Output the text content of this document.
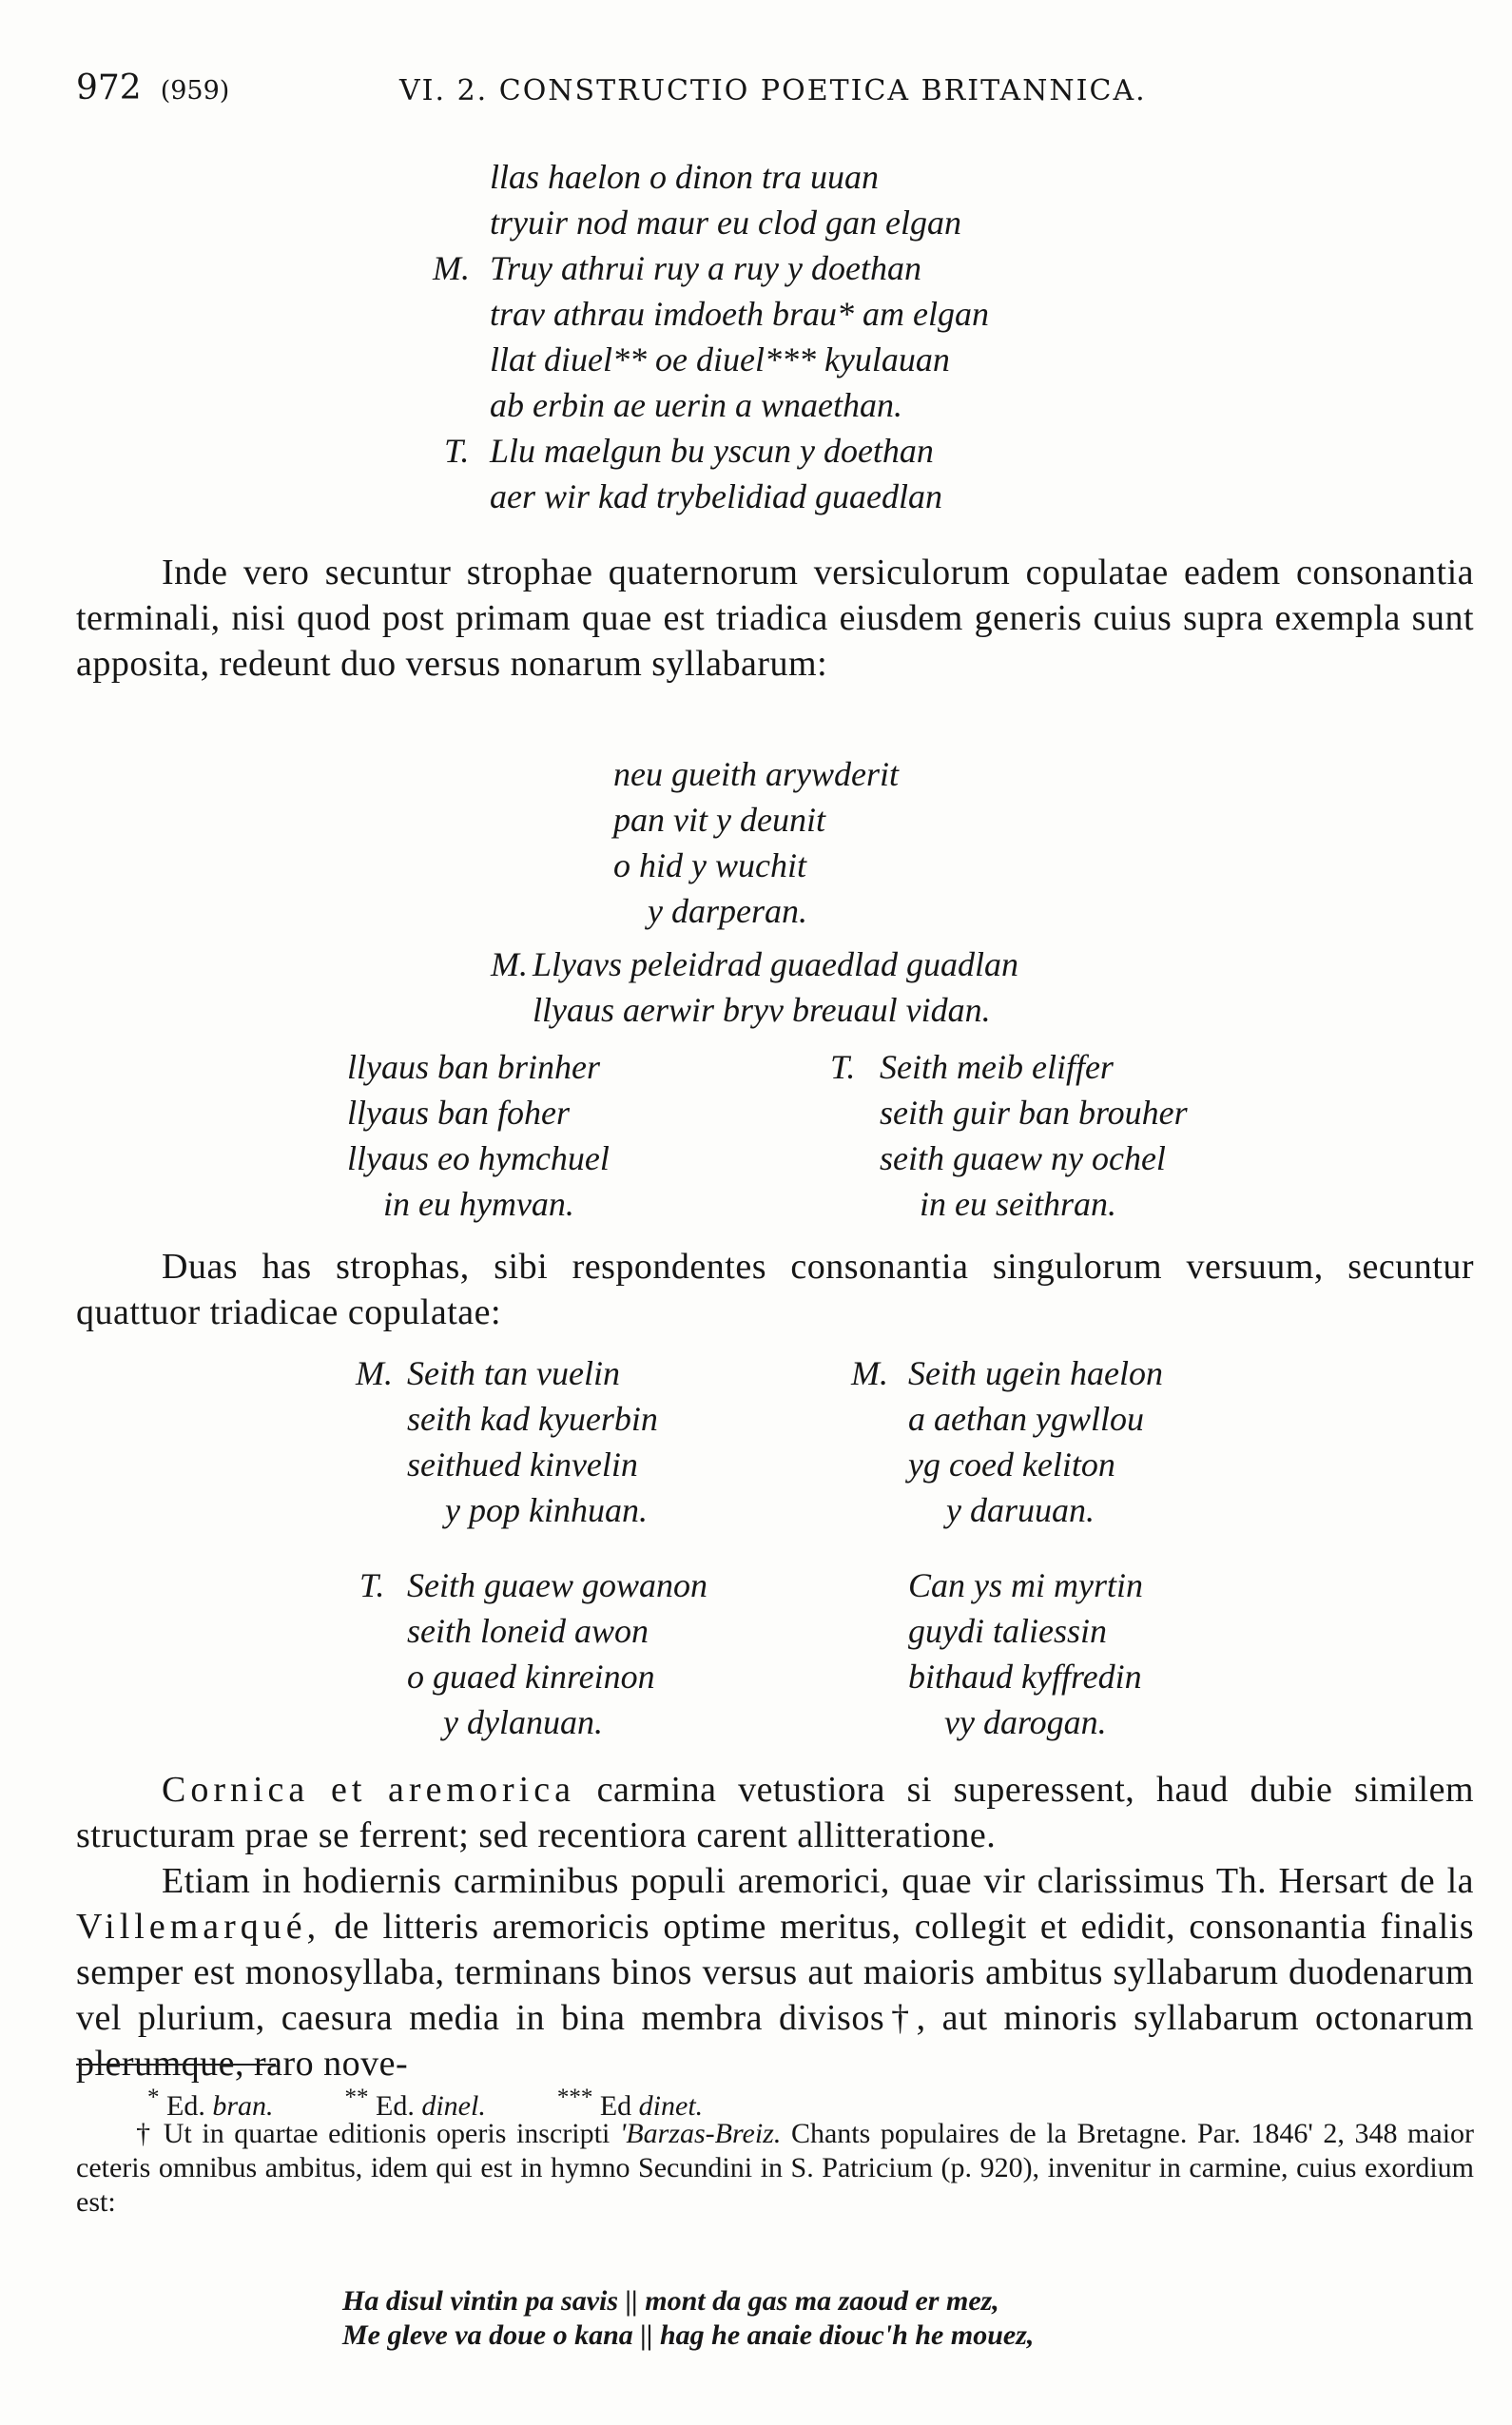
972 (959)	VI. 2. CONSTRUCTIO POETICA BRITANNICA.
llas haelon o dinon tra uuan
tryuir nod maur eu clod gan elgan
M. Truy athrui ruy a ruy y doethan
trav athrau imdoeth brau* am elgan
llat diuel** oe diuel*** kyulauan
ab erbin ae uerin a wnaethan.
T. Llu maelgun bu yscun y doethan
aer wir kad trybelidiad guaedlan
Inde vero secuntur strophae quaternorum versiculorum copulatae eadem consonantia terminali, nisi quod post primam quae est triadica eiusdem generis cuius supra exempla sunt apposita, redeunt duo versus nonarum syllabarum:
neu gueith arywderit
pan vit y deunit
o hid y wuchit
y darperan.
M. Llyavs peleidrad guaedlad guadlan
llyaus aerwir bryv breuaul vidan.
llyaus ban brinher
llyaus ban foher
llyaus eo hymchuel
in eu hymvan.
T. Seith meib eliffer
seith guir ban brouher
seith guaew ny ochel
in eu seithran.
Duas has strophas, sibi respondentes consonantia singulorum versuum, secuntur quattuor triadicae copulatae:
M. Seith tan vuelin
seith kad kyuerbin
seithued kinvelin
y pop kinhuan.
M. Seith ugein haelon
a aethan ygwllou
yg coed keliton
y daruuan.
T. Seith guaew gowanon
seith loneid awon
o guaed kinreinon
y dylanuan.
Can ys mi myrtin
guydi taliessin
bithaud kyffredin
vy darogan.
Cornica et aremorica carmina vetustiora si superessent, haud dubie similem structuram prae se ferrent; sed recentiora carent allitteratione.
Etiam in hodiernis carminibus populi aremorici, quae vir clarissimus Th. Hersart de la Villemarqué, de litteris aremoricis optime meritus, collegit et edidit, consonantia finalis semper est monosyllaba, terminans binos versus aut maioris ambitus syllabarum duodenarum vel plurium, caesura media in bina membra divisos†, aut minoris syllabarum octonarum plerumque, raro nove-
* Ed. bran.	** Ed. dinel.	*** Ed dinet.
† Ut in quartae editionis operis inscripti 'Barzas-Breiz. Chants populaires de la Bretagne. Par. 1846' 2, 348 maior ceteris omnibus ambitus, idem qui est in hymno Secundini in S. Patricium (p. 920), invenitur in carmine, cuius exordium est:
Ha disul vintin pa savis || mont da gas ma zaoud er mez,
Me gleve va doue o kana || hag he anaie diouc'h he mouez,
